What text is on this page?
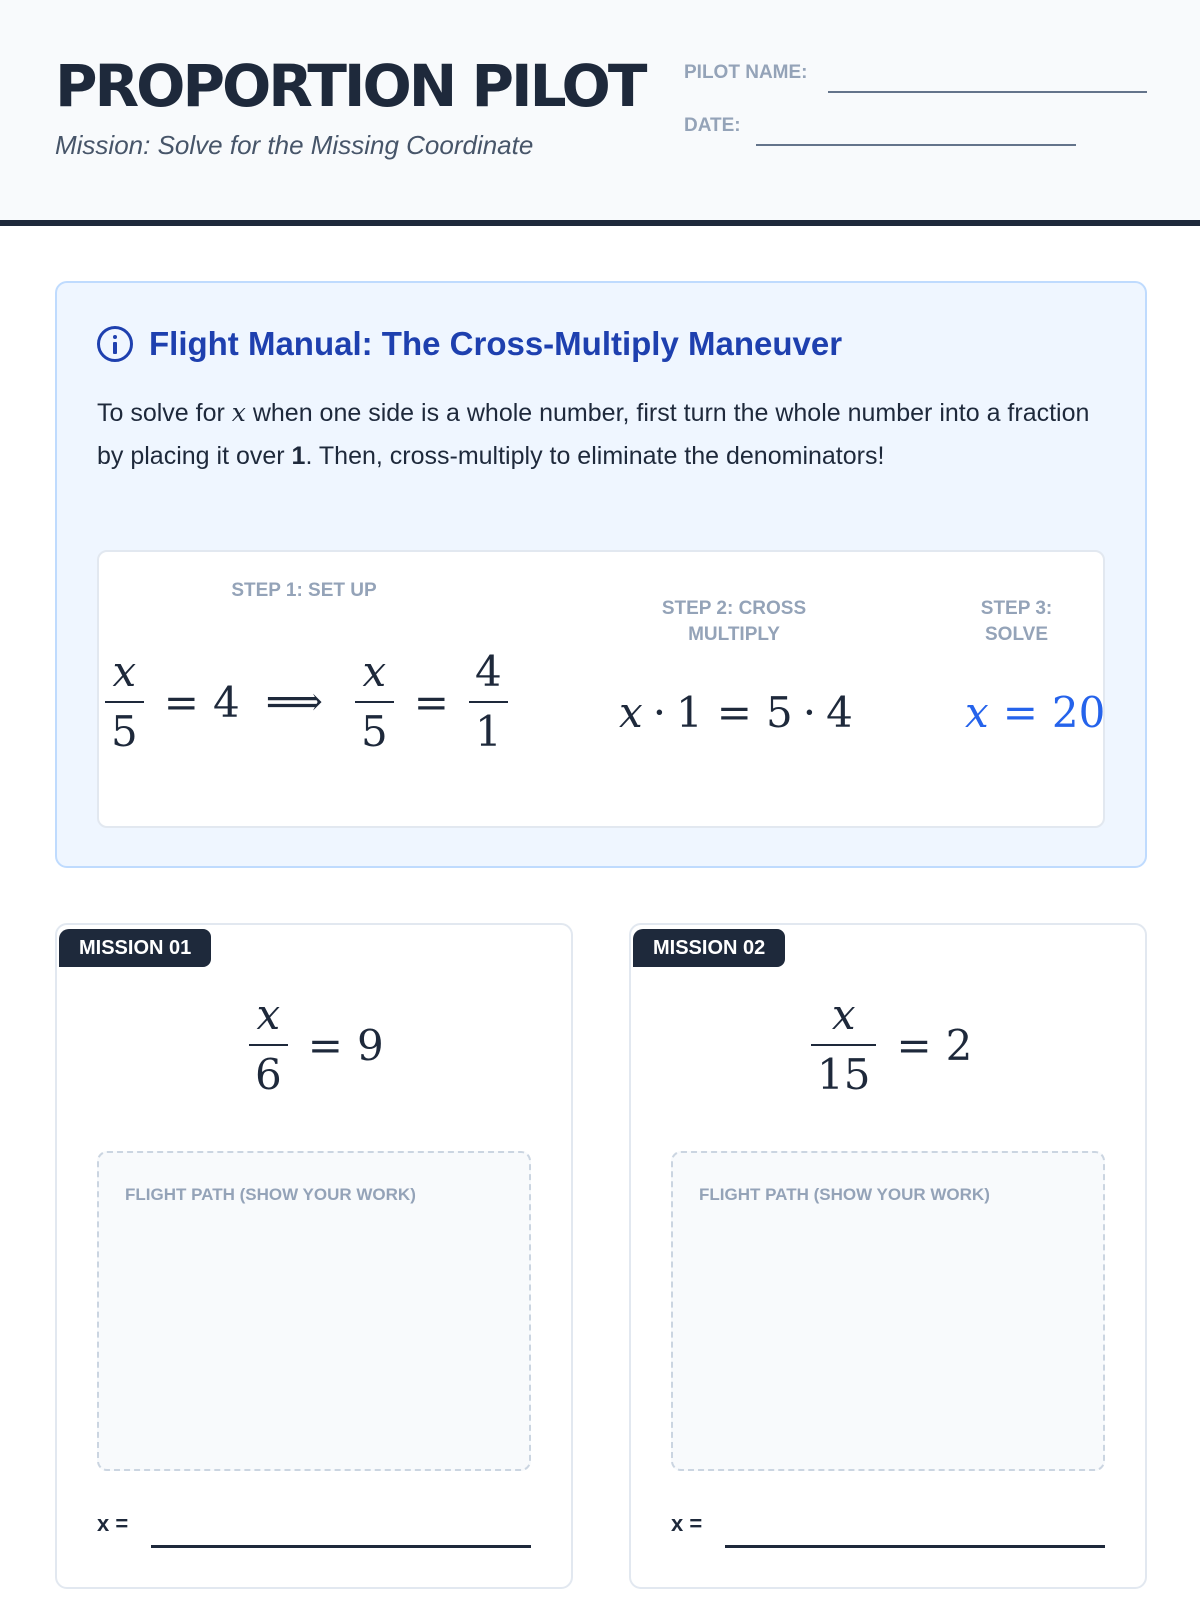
PROPORTION PILOT
Mission: Solve for the Missing Coordinate
PILOT NAME:
DATE:
Flight Manual: The Cross-Multiply Maneuver

To solve for x when one side is a whole number, first turn the whole number into a fraction by placing it over 1. Then, cross-multiply to eliminate the denominators!

STEP 1: SET UP
STEP 2: CROSS MULTIPLY
STEP 3: SOLVE
$\frac{x}{5} = 4$ ⟹ $\frac{x}{5} = \frac{4}{1}$	x · 1 = 5 · 4	x = 20
MISSION 01
$\frac{x}{6} = 9$
FLIGHT PATH (SHOW YOUR WORK)
x =
MISSION 02
$\frac{x}{15} = 2$
FLIGHT PATH (SHOW YOUR WORK)
x =
